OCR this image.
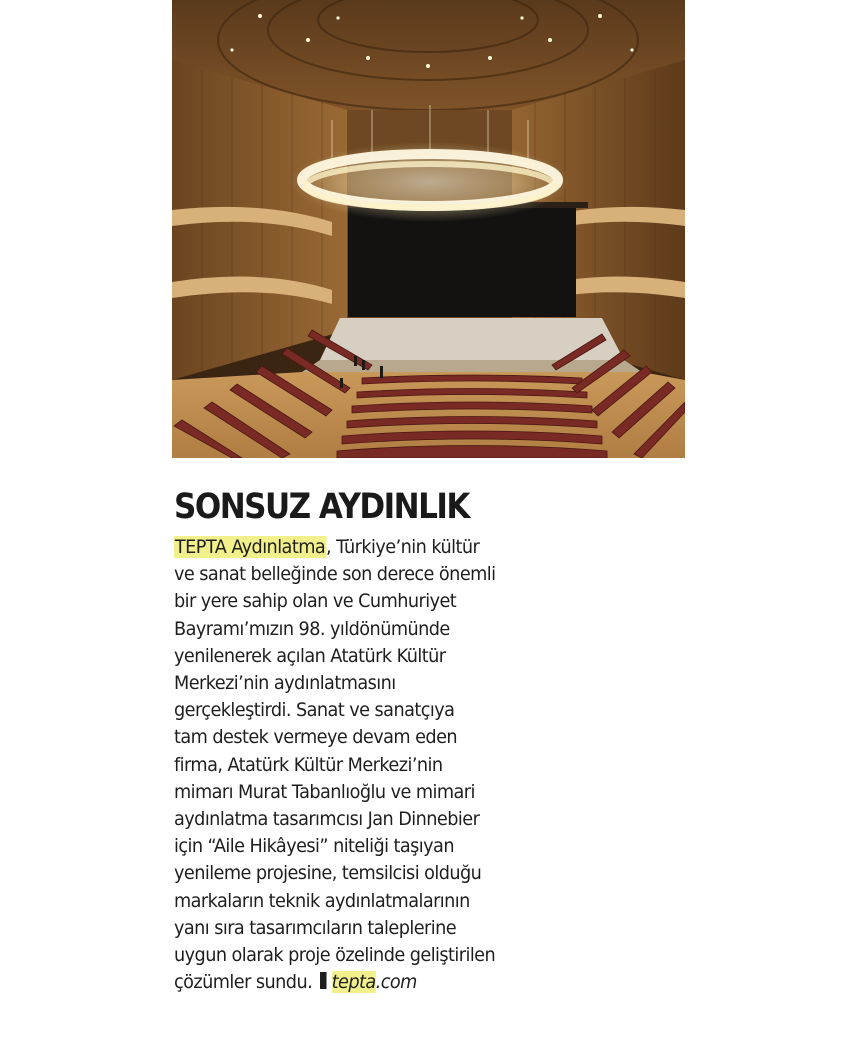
SONSUZ AYDINLIK

TEPTA Aydınlatma, Türkiye’nin kültür
ve sanat belleğinde son derece önemli
bir yere sahip olan ve Cumhuriyet
Bayramı’mızın 98. yıldönümünde
yenilenerek açılan Atatürk Kültür
Merkezi’nin aydınlatmasını
gerçekleştirdi. Sanat ve sanatçıya
tam destek vermeye devam eden
firma, Atatürk Kültür Merkezi’nin
mimarı Murat Tabanlıoğlu ve mimari
aydınlatma tasarımcısı Jan Dinnebier
için “Aile Hikâyesi” niteliği taşıyan
yenileme projesine, temsilcisi olduğu
markaların teknik aydınlatmalarının
yanı sıra tasarımcıların taleplerine
uygun olarak proje özelinde geliştirilen
çözümler sundu. tepta.com
